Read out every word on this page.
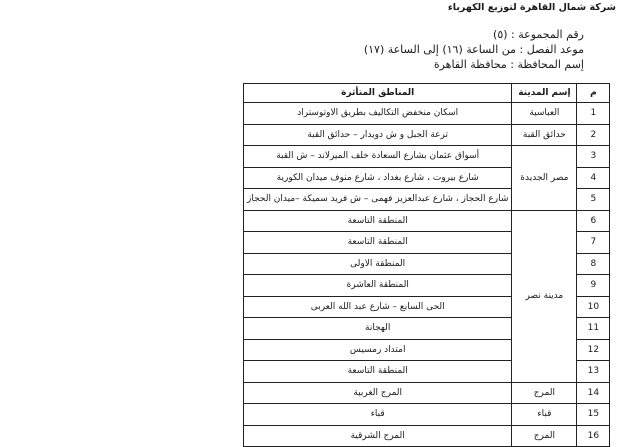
شركة شمال القاهرة لتوزيع الكهرباء
رقم المجموعة : (٥)
موعد الفصل : من الساعة (١٦) إلى الساعة (١٧)
إسم المحافظة : محافظة القاهرة
م	إسم المدينة	المناطق المتأثرة
1	العباسية	اسكان منخفض التكاليف بطريق الاوتوستراد
2	حدائق القبة	ترعة الجبل و ش دويدار – حدائق القبة
3	مصر الجديدة	أسواق عثمان بشارع السعادة خلف الميرلاند – ش القبة
4		شارع بيروت ، شارع بغداد ، شارع منوف ميدان الكورية
5		شارع الحجاز ، شارع عبدالعزيز فهمى – ش فريد سميكة –ميدان الحجاز
6	مدينة نصر	المنطقة التاسعة
7		المنطقة التاسعة
8		المنطقة الاولى
9		المنطقة العاشرة
10		الحى السابع – شارع عبد الله العربى
11		الهجانة
12		امتداد رمسيس
13		المنطقة التاسعة
14	المرج	المرج الغربية
15	قباء	قباء
16	المرج	المرج الشرقية
